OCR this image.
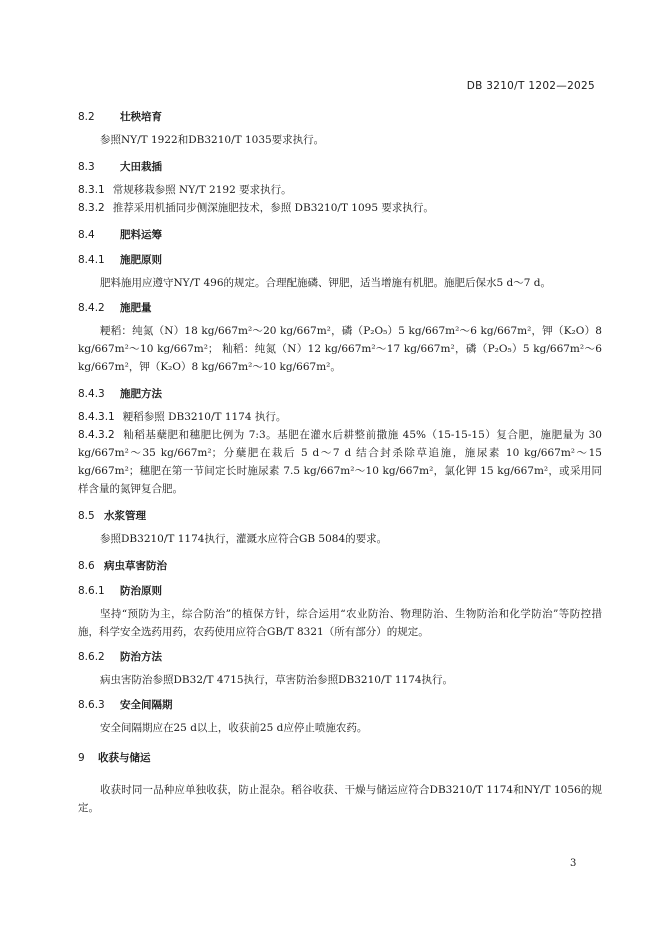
DB 3210/T 1202—2025
8.2 壮秧培育
参照NY/T 1922和DB3210/T 1035要求执行。
8.3 大田栽插
8.3.1 常规移栽参照 NY/T 2192 要求执行。
8.3.2 推荐采用机插同步侧深施肥技术，参照 DB3210/T 1095 要求执行。
8.4 肥料运筹
8.4.1 施肥原则
肥料施用应遵守NY/T 496的规定。合理配施磷、钾肥，适当增施有机肥。施肥后保水5 d～7 d。
8.4.2 施肥量
粳稻：纯氮（N）18 kg/667m²～20 kg/667m²，磷（P₂O₅）5 kg/667m²～6 kg/667m²，钾（K₂O）8 kg/667m²～10 kg/667m²； 籼稻：纯氮（N）12 kg/667m²～17 kg/667m²，磷（P₂O₅）5 kg/667m²～6 kg/667m²，钾（K₂O）8 kg/667m²～10 kg/667m²。
8.4.3 施肥方法
8.4.3.1 粳稻参照 DB3210/T 1174 执行。
8.4.3.2 籼稻基蘖肥和穗肥比例为 7:3。基肥在灌水后耕整前撒施 45%（15-15-15）复合肥，施肥量为 30 kg/667m²～35 kg/667m²；分蘖肥在栽后 5 d～7 d 结合封杀除草追施，施尿素 10 kg/667m²～15 kg/667m²；穗肥在第一节间定长时施尿素 7.5 kg/667m²～10 kg/667m²，氯化钾 15 kg/667m²，或采用同样含量的氮钾复合肥。
8.5 水浆管理
参照DB3210/T 1174执行，灌溉水应符合GB 5084的要求。
8.6 病虫草害防治
8.6.1 防治原则
坚持“预防为主，综合防治”的植保方针，综合运用“农业防治、物理防治、生物防治和化学防治”等防控措施，科学安全选药用药，农药使用应符合GB/T 8321（所有部分）的规定。
8.6.2 防治方法
病虫害防治参照DB32/T 4715执行，草害防治参照DB3210/T 1174执行。
8.6.3 安全间隔期
安全间隔期应在25 d以上，收获前25 d应停止喷施农药。
9 收获与储运
收获时同一品种应单独收获，防止混杂。稻谷收获、干燥与储运应符合DB3210/T 1174和NY/T 1056的规定。
3
